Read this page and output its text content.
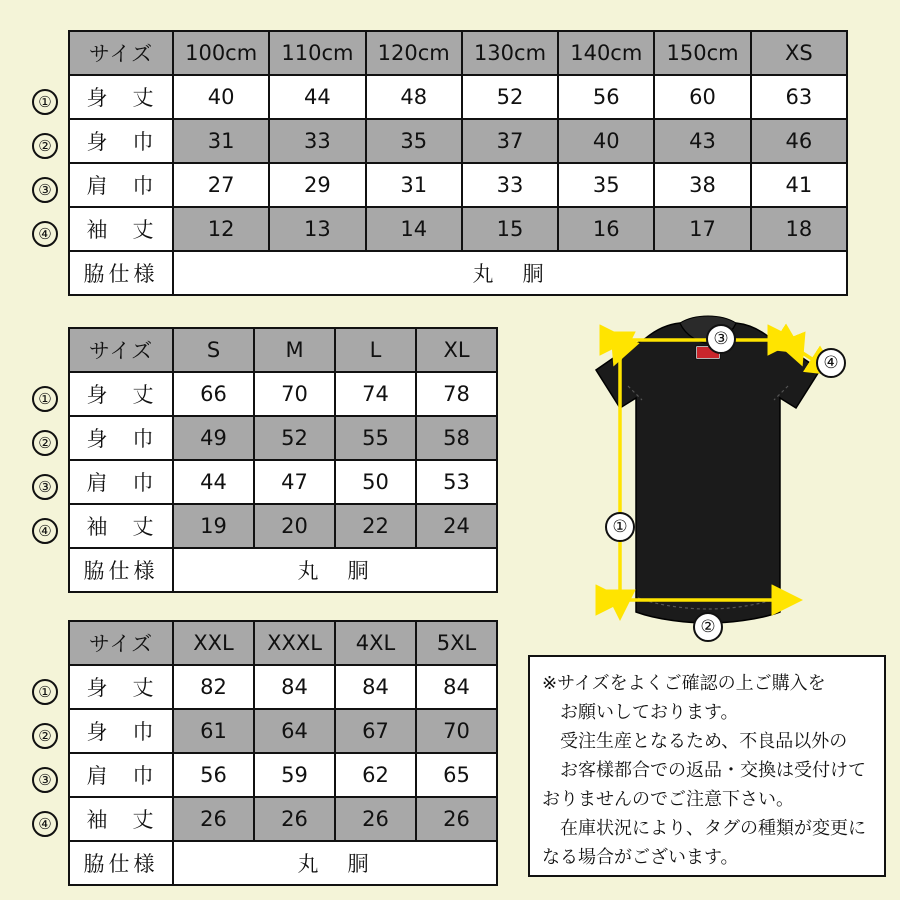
①
②
③
④
サイズ	100cm	110cm	120cm	130cm	140cm	150cm	XS
身　丈	40	44	48	52	56	60	63
身　巾	31	33	35	37	40	43	46
肩　巾	27	29	31	33	35	38	41
袖　丈	12	13	14	15	16	17	18
脇仕様	丸　胴						
①
②
③
④
サイズ	S	M	L	XL
身　丈	66	70	74	78
身　巾	49	52	55	58
肩　巾	44	47	50	53
袖　丈	19	20	22	24
脇仕様	丸　胴			
①
②
③
④
サイズ	XXL	XXXL	4XL	5XL
身　丈	82	84	84	84
身　巾	61	64	67	70
肩　巾	56	59	62	65
袖　丈	26	26	26	26
脇仕様	丸　胴			
③
④
①
②

※サイズをよくご確認の上ご購入を

お願いしております。

受注生産となるため、不良品以外の

お客樣都合での返品・交換は受付けて

おりませんのでご注意下さい。

在庫状況により、タグの種類が変更に

なる場合がございます。
